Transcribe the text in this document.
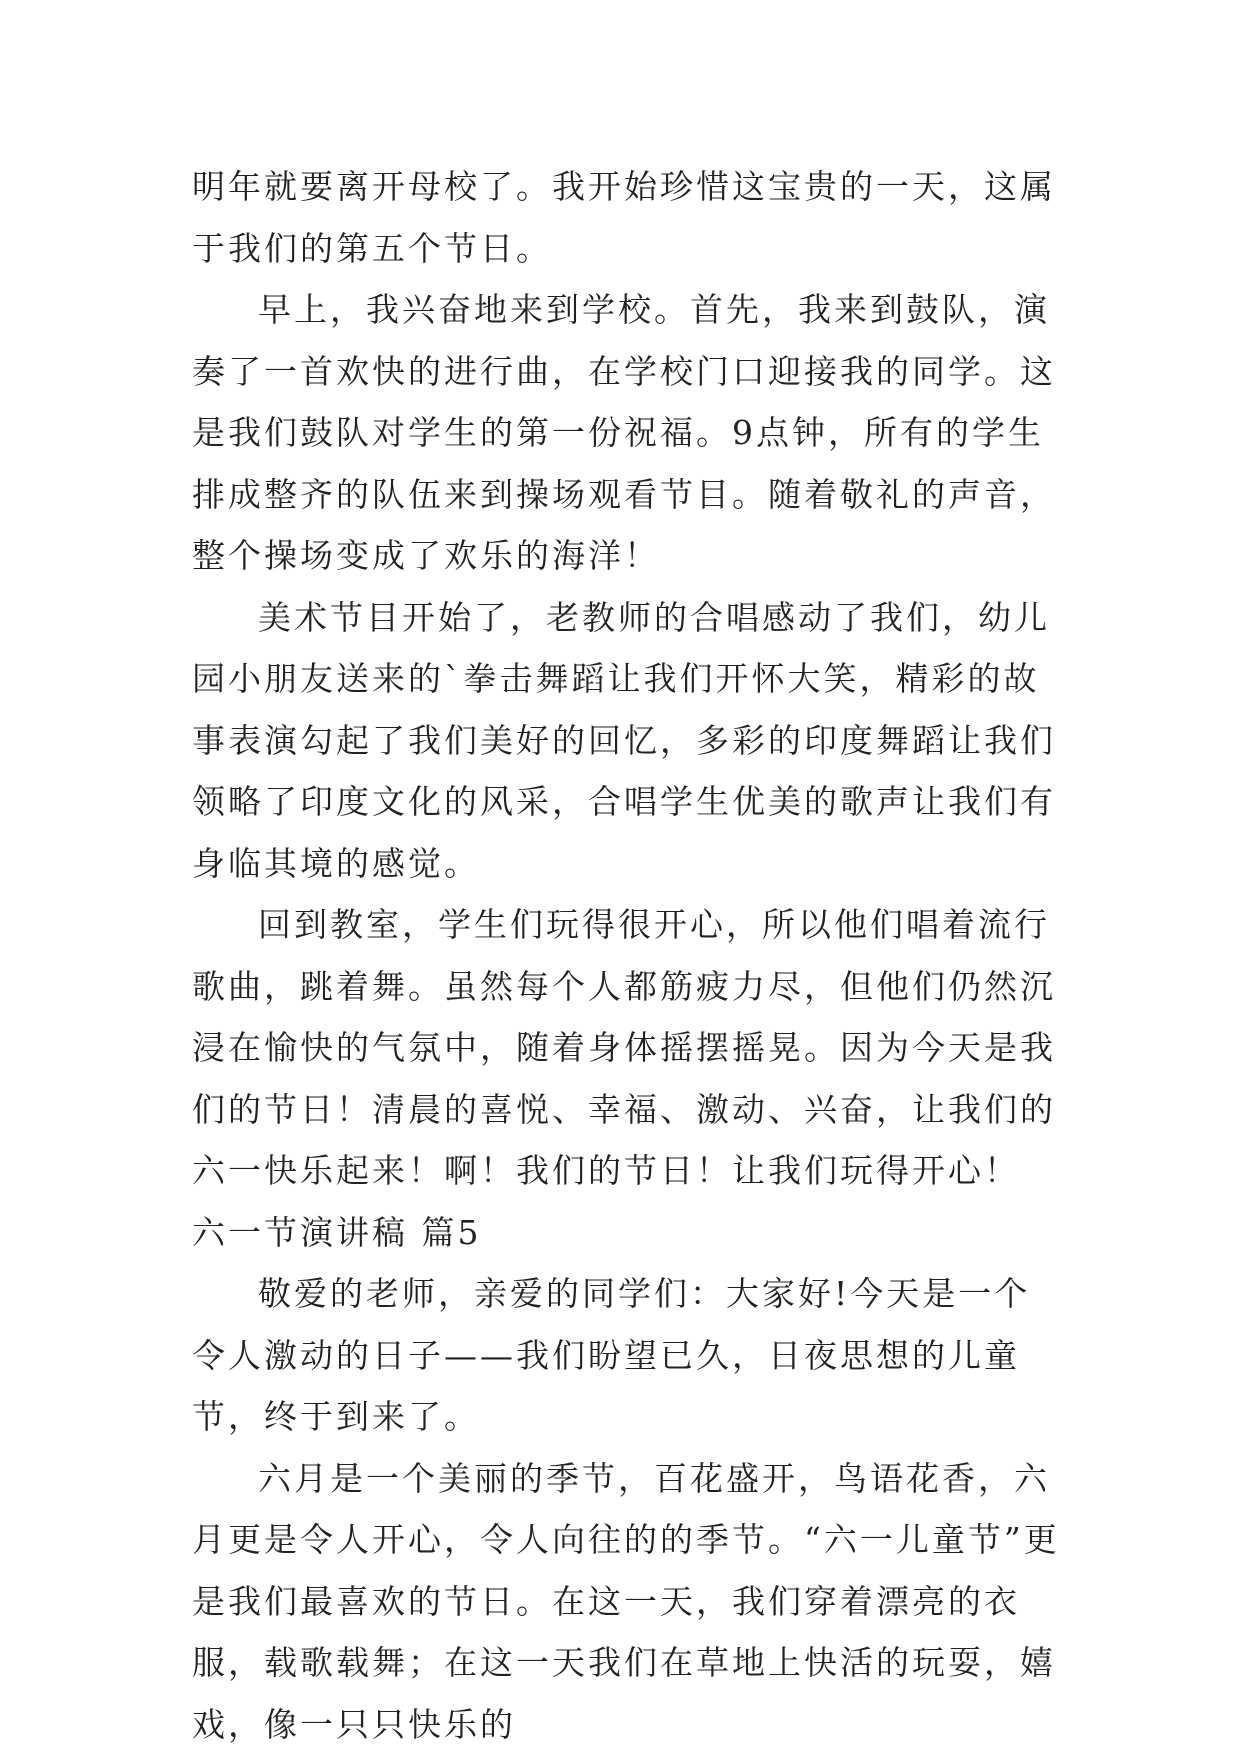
明年就要离开母校了。我开始珍惜这宝贵的一天，这属于我们的第五个节日。

早上，我兴奋地来到学校。首先，我来到鼓队，演奏了一首欢快的进行曲，在学校门口迎接我的同学。这是我们鼓队对学生的第一份祝福。9点钟，所有的学生排成整齐的队伍来到操场观看节目。随着敬礼的声音，整个操场变成了欢乐的海洋！

美术节目开始了，老教师的合唱感动了我们，幼儿园小朋友送来的`拳击舞蹈让我们开怀大笑，精彩的故事表演勾起了我们美好的回忆，多彩的印度舞蹈让我们领略了印度文化的风采，合唱学生优美的歌声让我们有身临其境的感觉。

回到教室，学生们玩得很开心，所以他们唱着流行歌曲，跳着舞。虽然每个人都筋疲力尽，但他们仍然沉浸在愉快的气氛中，随着身体摇摆摇晃。因为今天是我们的节日！清晨的喜悦、幸福、激动、兴奋，让我们的六一快乐起来！啊！我们的节日！让我们玩得开心！

六一节演讲稿 篇5

敬爱的老师，亲爱的同学们：大家好!今天是一个令人激动的日子——我们盼望已久，日夜思想的儿童节，终于到来了。

六月是一个美丽的季节，百花盛开，鸟语花香，六月更是令人开心，令人向往的的季节。“六一儿童节”更是我们最喜欢的节日。在这一天，我们穿着漂亮的衣服，载歌载舞；在这一天我们在草地上快活的玩耍，嬉戏，像一只只快乐的
